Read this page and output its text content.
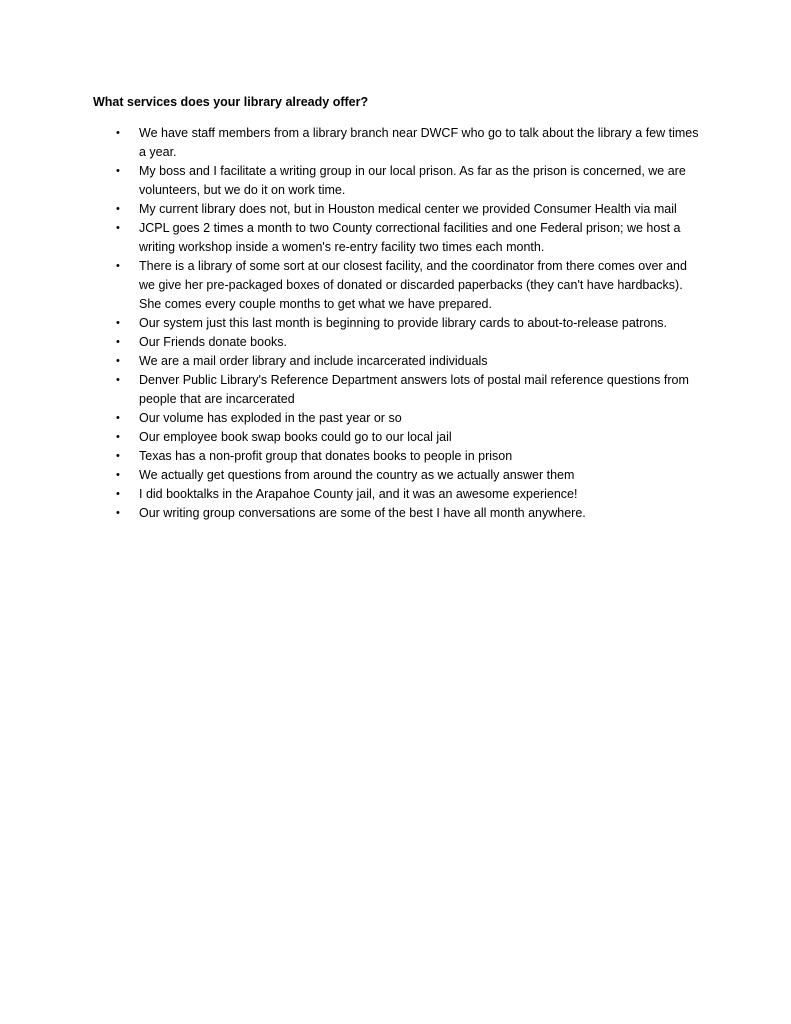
What services does your library already offer?
• We have staff members from a library branch near DWCF who go to talk about the library a few times a year.
• My boss and I facilitate a writing group in our local prison. As far as the prison is concerned, we are volunteers, but we do it on work time.
• My current library does not, but in Houston medical center we provided Consumer Health via mail
• JCPL goes 2 times a month to two County correctional facilities and one Federal prison; we host a writing workshop inside a women's re-entry facility two times each month.
• There is a library of some sort at our closest facility, and the coordinator from there comes over and we give her pre-packaged boxes of donated or discarded paperbacks (they can't have hardbacks). She comes every couple months to get what we have prepared.
• Our system just this last month is beginning to provide library cards to about-to-release patrons.
• Our Friends donate books.
• We are a mail order library and include incarcerated individuals
• Denver Public Library's Reference Department answers lots of postal mail reference questions from people that are incarcerated
• Our volume has exploded in the past year or so
• Our employee book swap books could go to our local jail
• Texas has a non-profit group that donates books to people in prison
• We actually get questions from around the country as we actually answer them
• I did booktalks in the Arapahoe County jail, and it was an awesome experience!
• Our writing group conversations are some of the best I have all month anywhere.
